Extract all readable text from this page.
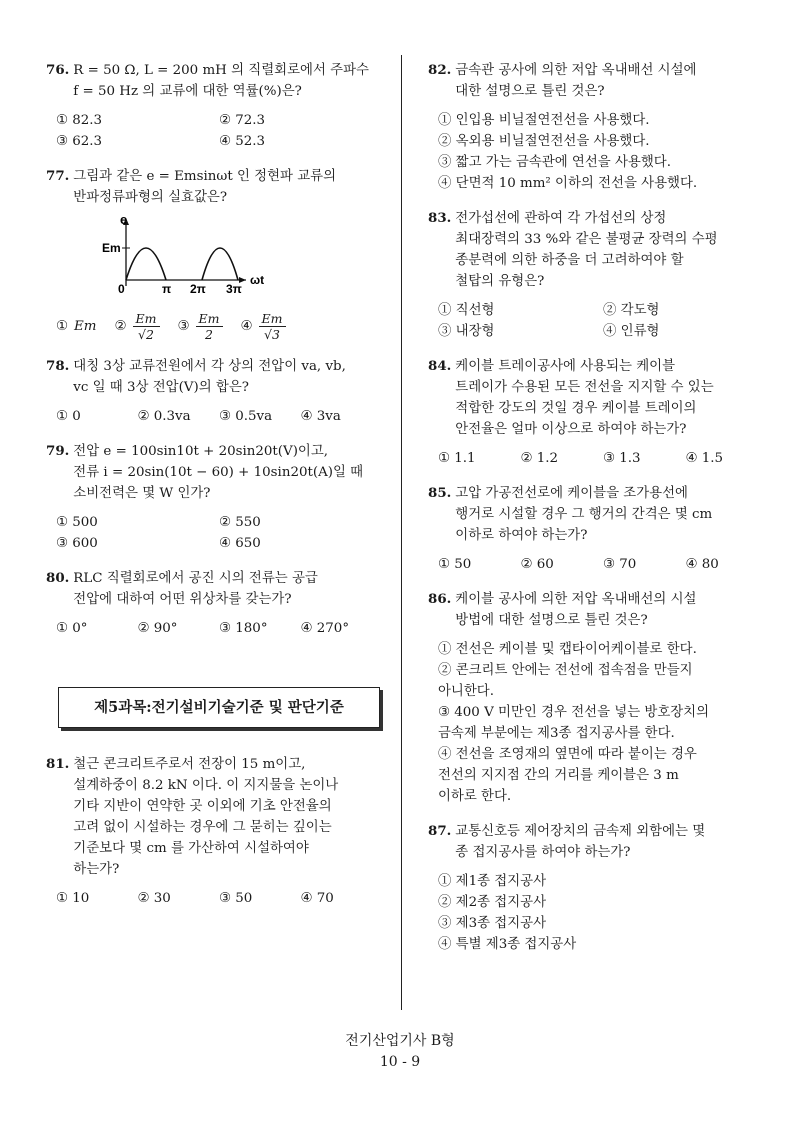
76. R = 50 Ω, L = 200 mH 의 직렬회로에서 주파수
f = 50 Hz 의 교류에 대한 역률(%)은?
① 82.3	② 72.3
③ 62.3	④ 52.3
77. 그림과 같은 e = Emsinωt 인 정현파 교류의
반파정류파형의 실효값은?
e
Em
0	π 2π 3π
ωt
① Em ② $\frac{Em}{√2}$ ③ $\frac{Em}{2}$ ④ $\frac{Em}{√3}$
78. 대칭 3상 교류전원에서 각 상의 전압이 va, vb,
vc 일 때 3상 전압(V)의 합은?
① 0	② 0.3va	③ 0.5va	④ 3va
79. 전압 e = 100sin10t + 20sin20t(V)이고,
전류 i = 20sin(10t − 60) + 10sin20t(A)일 때
소비전력은 몇 W 인가?
① 500	② 550
③ 600	④ 650
80. RLC 직렬회로에서 공진 시의 전류는 공급
전압에 대하여 어떤 위상차를 갖는가?
① 0°	② 90°	③ 180°	④ 270°
제5과목:전기설비기술기준 및 판단기준
81. 철근 콘크리트주로서 전장이 15 m이고,
설계하중이 8.2 kN 이다. 이 지지물을 논이나
기타 지반이 연약한 곳 이외에 기초 안전율의
고려 없이 시설하는 경우에 그 묻히는 깊이는
기준보다 몇 cm 를 가산하여 시설하여야
하는가?
① 10	② 30	③ 50	④ 70
82. 금속관 공사에 의한 저압 옥내배선 시설에
대한 설명으로 틀린 것은?
① 인입용 비닐절연전선을 사용했다.
② 옥외용 비닐절연전선을 사용했다.
③ 짧고 가는 금속관에 연선을 사용했다.
④ 단면적 10 mm² 이하의 전선을 사용했다.
83. 전가섭선에 관하여 각 가섭선의 상정
최대장력의 33 %와 같은 불평균 장력의 수평
종분력에 의한 하중을 더 고려하여야 할
철탑의 유형은?
① 직선형	② 각도형
③ 내장형	④ 인류형
84. 케이블 트레이공사에 사용되는 케이블
트레이가 수용된 모든 전선을 지지할 수 있는
적합한 강도의 것일 경우 케이블 트레이의
안전율은 얼마 이상으로 하여야 하는가?
① 1.1	② 1.2	③ 1.3	④ 1.5
85. 고압 가공전선로에 케이블을 조가용선에
행거로 시설할 경우 그 행거의 간격은 몇 cm
이하로 하여야 하는가?
① 50	② 60	③ 70	④ 80
86. 케이블 공사에 의한 저압 옥내배선의 시설
방법에 대한 설명으로 틀린 것은?
① 전선은 케이블 및 캡타이어케이블로 한다.
② 콘크리트 안에는 전선에 접속점을 만들지
아니한다.
③ 400 V 미만인 경우 전선을 넣는 방호장치의
금속제 부분에는 제3종 접지공사를 한다.
④ 전선을 조영재의 옆면에 따라 붙이는 경우
전선의 지지점 간의 거리를 케이블은 3 m
이하로 한다.
87. 교통신호등 제어장치의 금속제 외함에는 몇
종 접지공사를 하여야 하는가?
① 제1종 접지공사
② 제2종 접지공사
③ 제3종 접지공사
④ 특별 제3종 접지공사
전기산업기사 B형
10 - 9
